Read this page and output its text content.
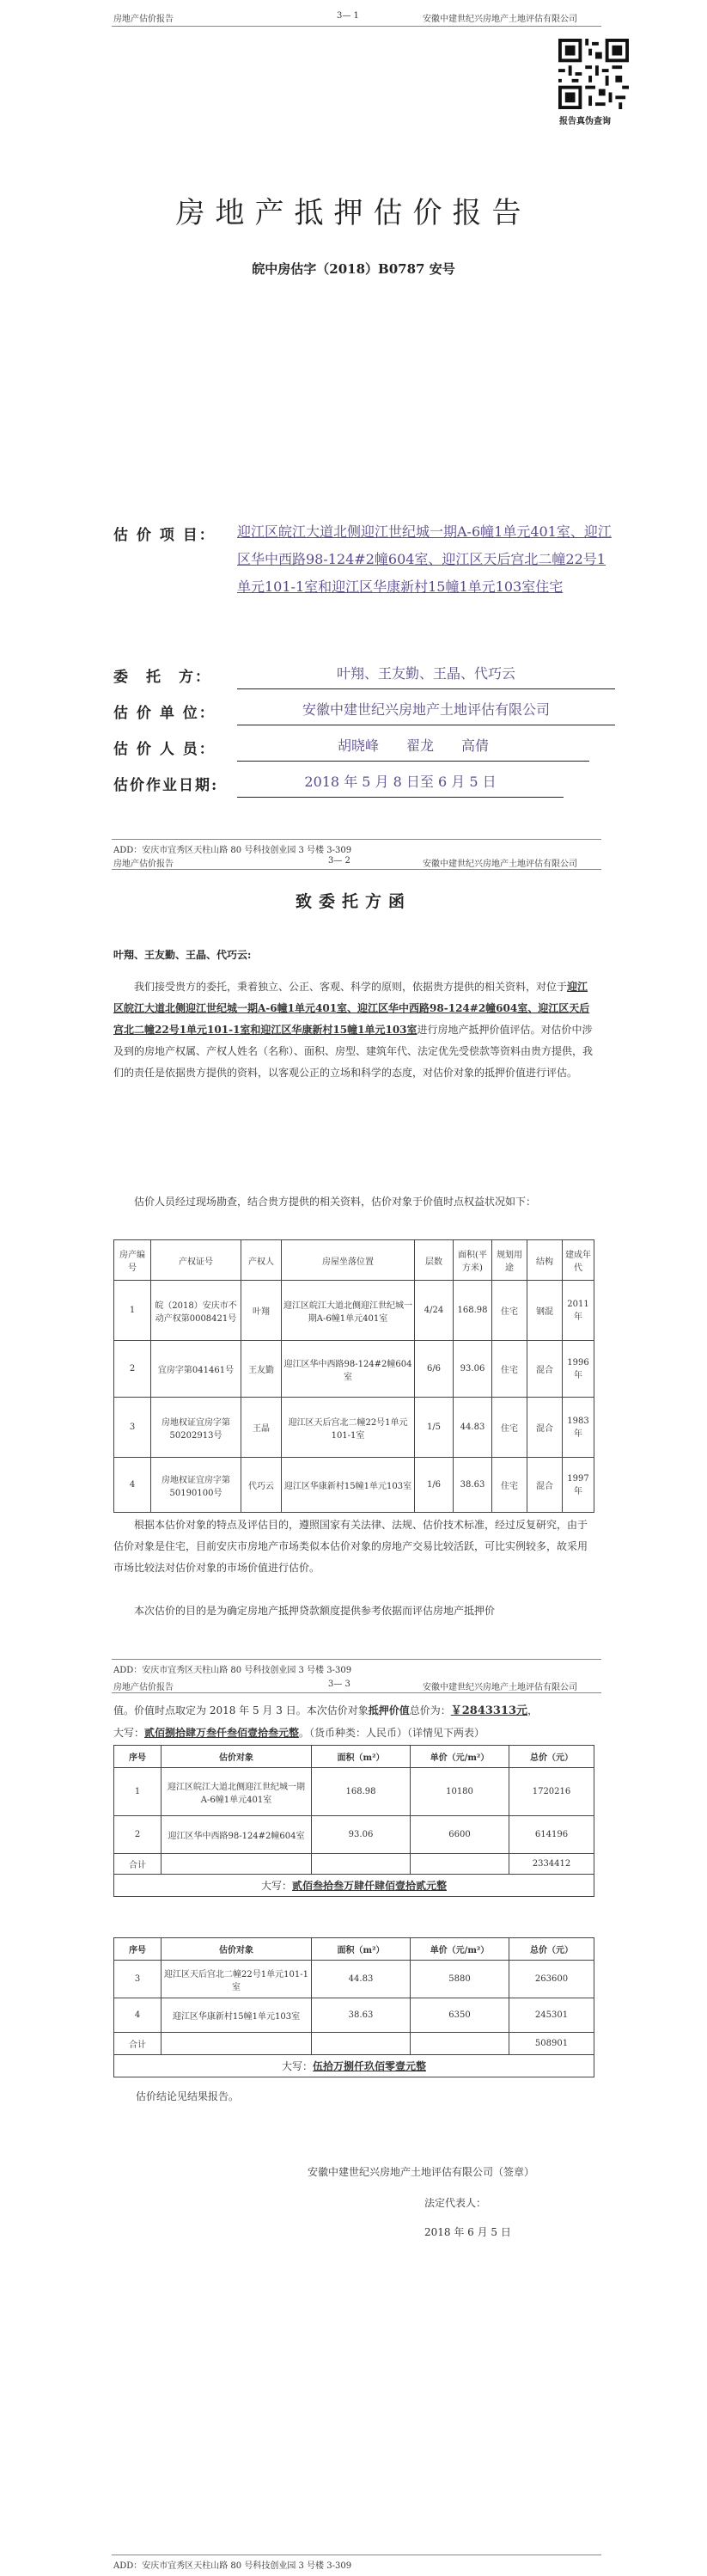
房地产估价报告	3— 1	安徽中建世纪兴房地产土地评估有限公司
报告真伪查询
房地产抵押估价报告
皖中房估字（2018）B0787 安号
估 价 项 目： 迎江区皖江大道北侧迎江世纪城一期A-6幢1单元401室、迎江区华中西路98-124#2幢604室、迎江区天后宫北二幢22号1单元101-1室和迎江区华康新村15幢1单元103室住宅
委　托　方：	叶翔、王友勤、王晶、代巧云
估 价 单 位：	安徽中建世纪兴房地产土地评估有限公司
估 价 人 员：	胡晓峰　　翟龙　　高倩
估价作业日期:	2018 年 5 月 8 日至 6 月 5 日
ADD：安庆市宜秀区天柱山路 80 号科技创业园 3 号楼 3-309
房地产估价报告	3— 2	安徽中建世纪兴房地产土地评估有限公司
致委托方函
叶翔、王友勤、王晶、代巧云:
我们接受贵方的委托，秉着独立、公正、客观、科学的原则，依据贵方提供的相关资料，对位于迎江区皖江大道北侧迎江世纪城一期A-6幢1单元401室、迎江区华中西路98-124#2幢604室、迎江区天后宫北二幢22号1单元101-1室和迎江区华康新村15幢1单元103室进行房地产抵押价值评估。对估价中涉及到的房地产权属、产权人姓名（名称）、面积、房型、建筑年代、法定优先受偿款等资料由贵方提供，我们的责任是依据贵方提供的资料，以客观公正的立场和科学的态度，对估价对象的抵押价值进行评估。
估价人员经过现场勘查，结合贵方提供的相关资料，估价对象于价值时点权益状况如下：
房产编号	产权证号	产权人	房屋坐落位置	层数	面积(平方米)	规划用途	结构	建成年代
1	皖（2018）安庆市不动产权第0008421号	叶翔	迎江区皖江大道北侧迎江世纪城一期A-6幢1单元401室	4/24	168.98	住宅	钢混	2011年
2	宜房字第041461号	王友勤	迎江区华中西路98-124#2幢604室	6/6	93.06	住宅	混合	1996年
3	房地权证宜房字第50202913号	王晶	迎江区天后宫北二幢22号1单元101-1室	1/5	44.83	住宅	混合	1983年
4	房地权证宜房字第50190100号	代巧云	迎江区华康新村15幢1单元103室	1/6	38.63	住宅	混合	1997年
根据本估价对象的特点及评估目的，遵照国家有关法律、法规、估价技术标准，经过反复研究，由于估价对象是住宅，目前安庆市房地产市场类似本估价对象的房地产交易比较活跃，可比实例较多，故采用市场比较法对估价对象的市场价值进行估价。
本次估价的目的是为确定房地产抵押贷款额度提供参考依据而评估房地产抵押价
ADD：安庆市宜秀区天柱山路 80 号科技创业园 3 号楼 3-309
房地产估价报告	3— 3	安徽中建世纪兴房地产土地评估有限公司
值。价值时点取定为 2018 年 5 月 3 日。本次估价对象抵押价值总价为：￥2843313元，
大写：贰佰捌拾肆万叁仟叁佰壹拾叁元整。（货币种类：人民币）（详情见下两表）
序号	估价对象	面积（m²）	单价（元/m²）	总价（元）
1	迎江区皖江大道北侧迎江世纪城一期A-6幢1单元401室	168.98	10180	1720216
2	迎江区华中西路98-124#2幢604室	93.06	6600	614196
合计				2334412
大写：贰佰叁拾叁万肆仟肆佰壹拾贰元整				
序号	估价对象	面积（m²）	单价（元/m²）	总价（元）
3	迎江区天后宫北二幢22号1单元101-1室	44.83	5880	263600
4	迎江区华康新村15幢1单元103室	38.63	6350	245301
合计				508901
大写：伍拾万捌仟玖佰零壹元整				
估价结论见结果报告。
安徽中建世纪兴房地产土地评估有限公司（签章）
法定代表人：
2018 年 6 月 5 日
ADD：安庆市宜秀区天柱山路 80 号科技创业园 3 号楼 3-309
